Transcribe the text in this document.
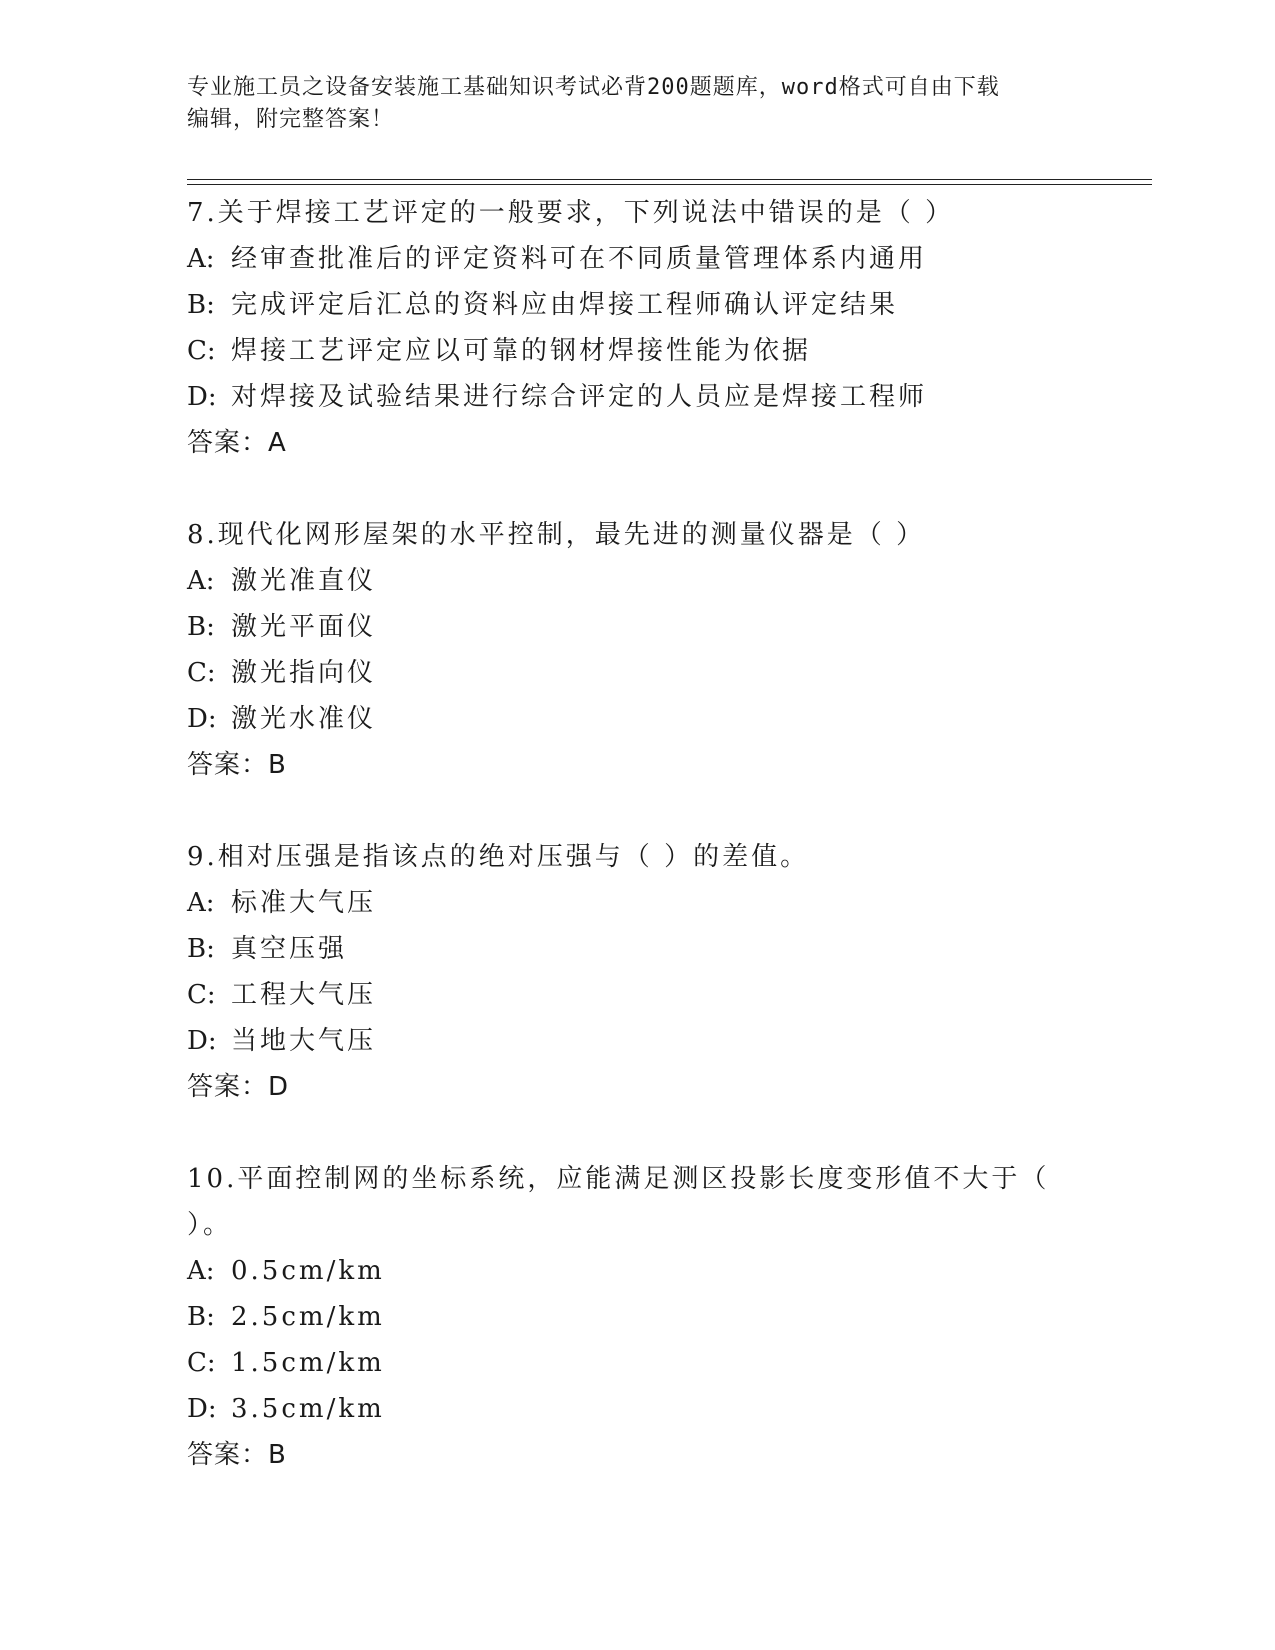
专业施工员之设备安装施工基础知识考试必背200题题库，word格式可自由下载
编辑，附完整答案！
7.关于焊接工艺评定的一般要求，下列说法中错误的是（ ）
A: 经审查批准后的评定资料可在不同质量管理体系内通用
B: 完成评定后汇总的资料应由焊接工程师确认评定结果
C: 焊接工艺评定应以可靠的钢材焊接性能为依据
D: 对焊接及试验结果进行综合评定的人员应是焊接工程师
答案：A
8.现代化网形屋架的水平控制，最先进的测量仪器是（ ）
A: 激光准直仪
B: 激光平面仪
C: 激光指向仪
D: 激光水准仪
答案：B
9.相对压强是指该点的绝对压强与（ ）的差值。
A: 标准大气压
B: 真空压强
C: 工程大气压
D: 当地大气压
答案：D
10.平面控制网的坐标系统，应能满足测区投影长度变形值不大于（ ）。
A: 0.5cm/km
B: 2.5cm/km
C: 1.5cm/km
D: 3.5cm/km
答案：B
